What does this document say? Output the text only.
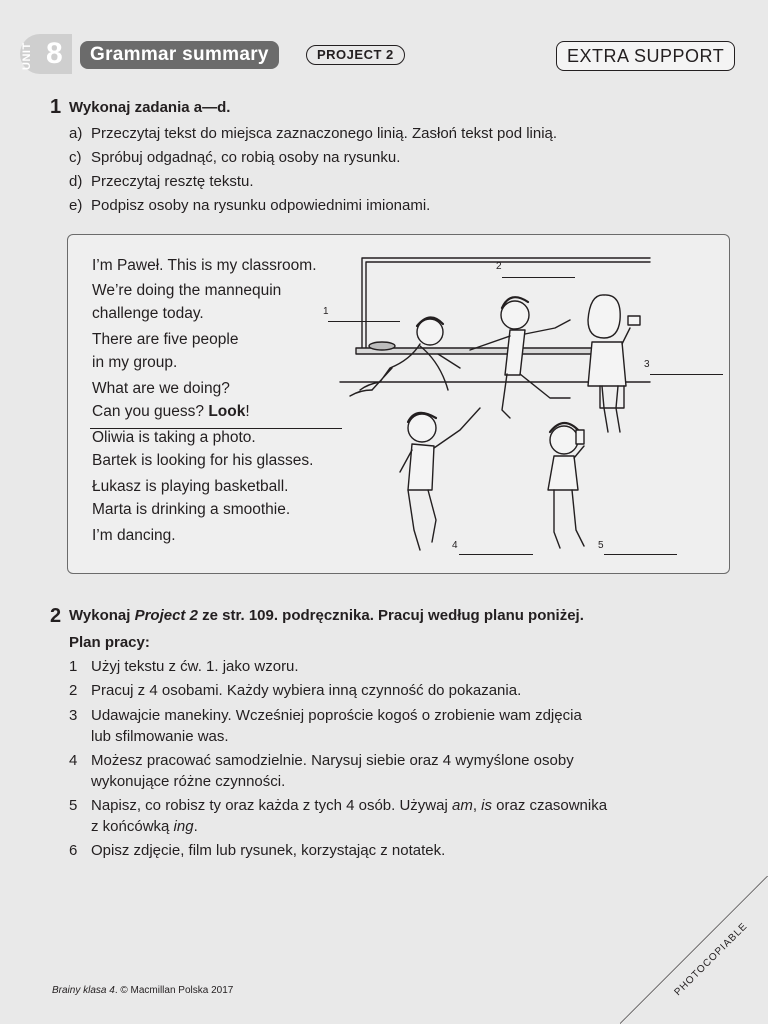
UNIT 8	Grammar summary	PROJECT 2	EXTRA SUPPORT
1 Wykonaj zadania a—d.
a) Przeczytaj tekst do miejsca zaznaczonego linią. Zasłoń tekst pod linią.
c) Spróbuj odgadnąć, co robią osoby na rysunku.
d) Przeczytaj resztę tekstu.
e) Podpisz osoby na rysunku odpowiednimi imionami.
I’m Paweł. This is my classroom.
We’re doing the mannequin
challenge today.
There are five people
in my group.
What are we doing?
Can you guess? Look!
Oliwia is taking a photo.
Bartek is looking for his glasses.
Łukasz is playing basketball.
Marta is drinking a smoothie.
I’m dancing.
1
2
3
4	5
2 Wykonaj Project 2 ze str. 109. podręcznika. Pracuj według planu poniżej.
Plan pracy:
1 Użyj tekstu z ćw. 1. jako wzoru.
2 Pracuj z 4 osobami. Każdy wybiera inną czynność do pokazania.
3 Udawajcie manekiny. Wcześniej poproście kogoś o zrobienie wam zdjęcia
lub sfilmowanie was.
4 Możesz pracować samodzielnie. Narysuj siebie oraz 4 wymyślone osoby
wykonujące różne czynności.
5 Napisz, co robisz ty oraz każda z tych 4 osób. Używaj am, is oraz czasownika
z końcówką ing.
6 Opisz zdjęcie, film lub rysunek, korzystając z notatek.
Brainy klasa 4. © Macmillan Polska 2017	PHOTOCOPIABLE
